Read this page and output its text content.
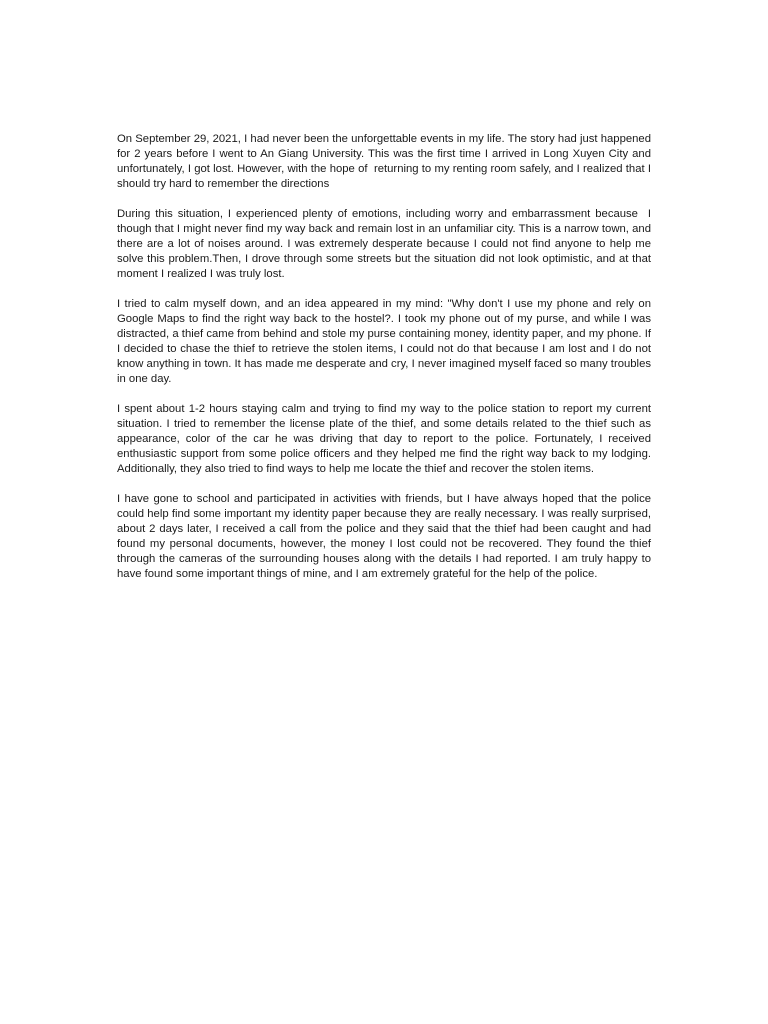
On September 29, 2021, I had never been the unforgettable events in my life. The story had just happened for 2 years before I went to An Giang University. This was the first time I arrived in Long Xuyen City and unfortunately, I got lost. However, with the hope of  returning to my renting room safely, and I realized that I should try hard to remember the directions

During this situation, I experienced plenty of emotions, including worry and embarrassment because  I though that I might never find my way back and remain lost in an unfamiliar city. This is a narrow town, and there are a lot of noises around. I was extremely desperate because I could not find anyone to help me solve this problem.Then, I drove through some streets but the situation did not look optimistic, and at that moment I realized I was truly lost.

I tried to calm myself down, and an idea appeared in my mind: "Why don't I use my phone and rely on Google Maps to find the right way back to the hostel?. I took my phone out of my purse, and while I was distracted, a thief came from behind and stole my purse containing money, identity paper, and my phone. If I decided to chase the thief to retrieve the stolen items, I could not do that because I am lost and I do not know anything in town. It has made me desperate and cry, I never imagined myself faced so many troubles in one day.

I spent about 1-2 hours staying calm and trying to find my way to the police station to report my current situation. I tried to remember the license plate of the thief, and some details related to the thief such as appearance, color of the car he was driving that day to report to the police. Fortunately, I received enthusiastic support from some police officers and they helped me find the right way back to my lodging. Additionally, they also tried to find ways to help me locate the thief and recover the stolen items.

I have gone to school and participated in activities with friends, but I have always hoped that the police could help find some important my identity paper because they are really necessary. I was really surprised, about 2 days later, I received a call from the police and they said that the thief had been caught and had found my personal documents, however, the money I lost could not be recovered. They found the thief through the cameras of the surrounding houses along with the details I had reported. I am truly happy to have found some important things of mine, and I am extremely grateful for the help of the police.
